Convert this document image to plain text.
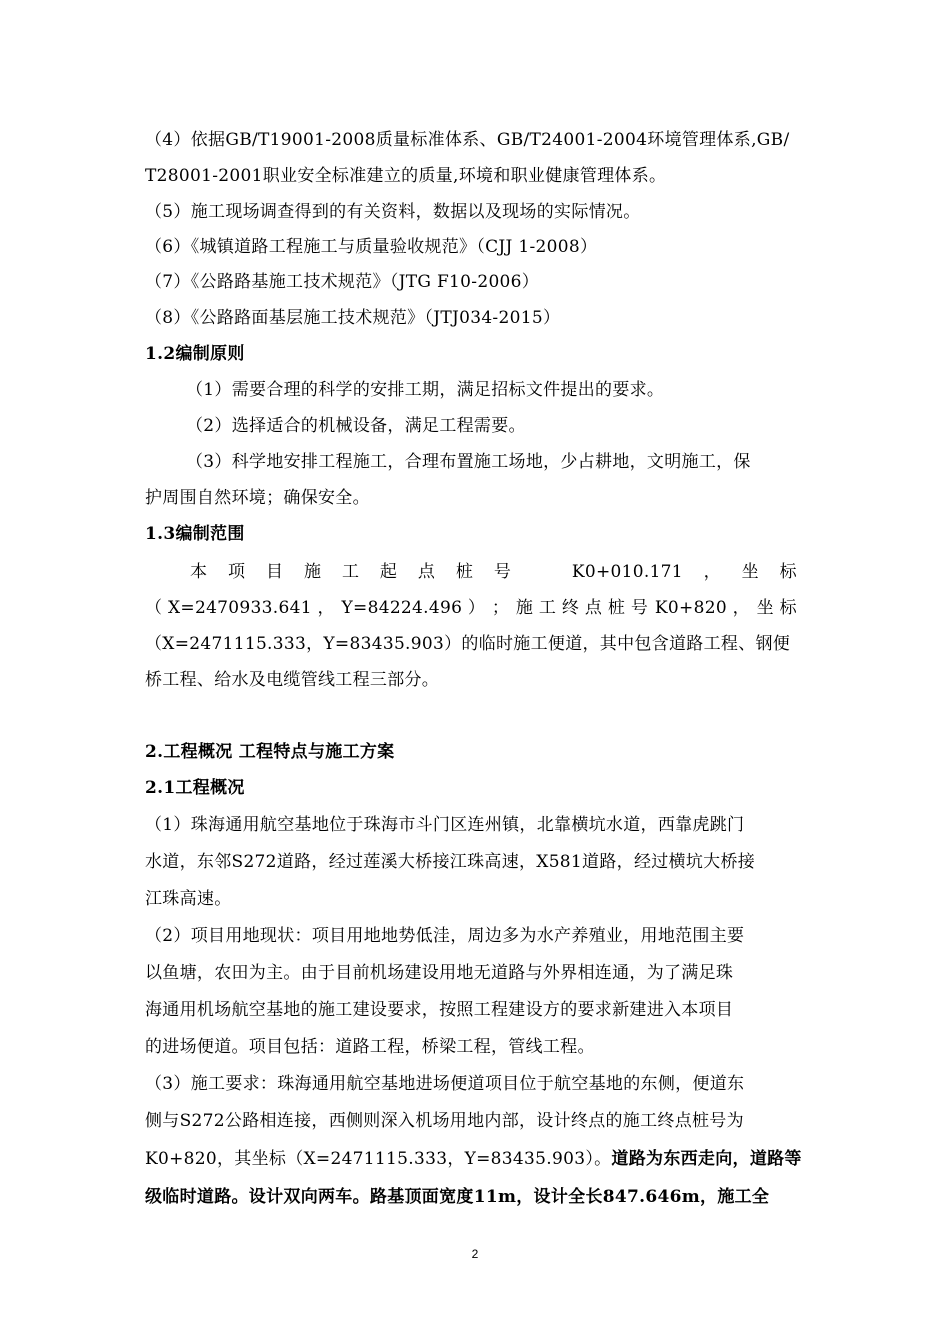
（4）依据GB/T19001-2008质量标准体系、GB/T24001-2004环境管理体系,GB/
T28001-2001职业安全标准建立的质量,环境和职业健康管理体系。
（5）施工现场调查得到的有关资料，数据以及现场的实际情况。
（6）《城镇道路工程施工与质量验收规范》（CJJ 1-2008）
（7）《公路路基施工技术规范》（JTG F10-2006）
（8）《公路路面基层施工技术规范》（JTJ034-2015）
1.2编制原则
（1）需要合理的科学的安排工期，满足招标文件提出的要求。
（2）选择适合的机械设备，满足工程需要。
（3）科学地安排工程施工，合理布置施工场地，少占耕地，文明施工，保
护周围自然环境；确保安全。
1.3编制范围
本 项 目 施 工 起 点 桩 号	K0+010.171 ， 坐 标
（ X=2470933.641 ， Y=84224.496 ） ； 施 工 终 点 桩 号 K0+820 ， 坐 标
（X=2471115.333，Y=83435.903）的临时施工便道，其中包含道路工程、钢便
桥工程、给水及电缆管线工程三部分。
2.工程概况 工程特点与施工方案
2.1工程概况
（1）珠海通用航空基地位于珠海市斗门区连州镇，北靠横坑水道，西靠虎跳门
水道，东邻S272道路，经过莲溪大桥接江珠高速，X581道路，经过横坑大桥接
江珠高速。
（2）项目用地现状：项目用地地势低洼，周边多为水产养殖业，用地范围主要
以鱼塘，农田为主。由于目前机场建设用地无道路与外界相连通，为了满足珠
海通用机场航空基地的施工建设要求，按照工程建设方的要求新建进入本项目
的进场便道。项目包括：道路工程，桥梁工程，管线工程。
（3）施工要求：珠海通用航空基地进场便道项目位于航空基地的东侧，便道东
侧与S272公路相连接，西侧则深入机场用地内部，设计终点的施工终点桩号为
K0+820，其坐标（X=2471115.333，Y=83435.903）。道路为东西走向，道路等
级临时道路。设计双向两车。路基顶面宽度11m，设计全长847.646m，施工全
2
